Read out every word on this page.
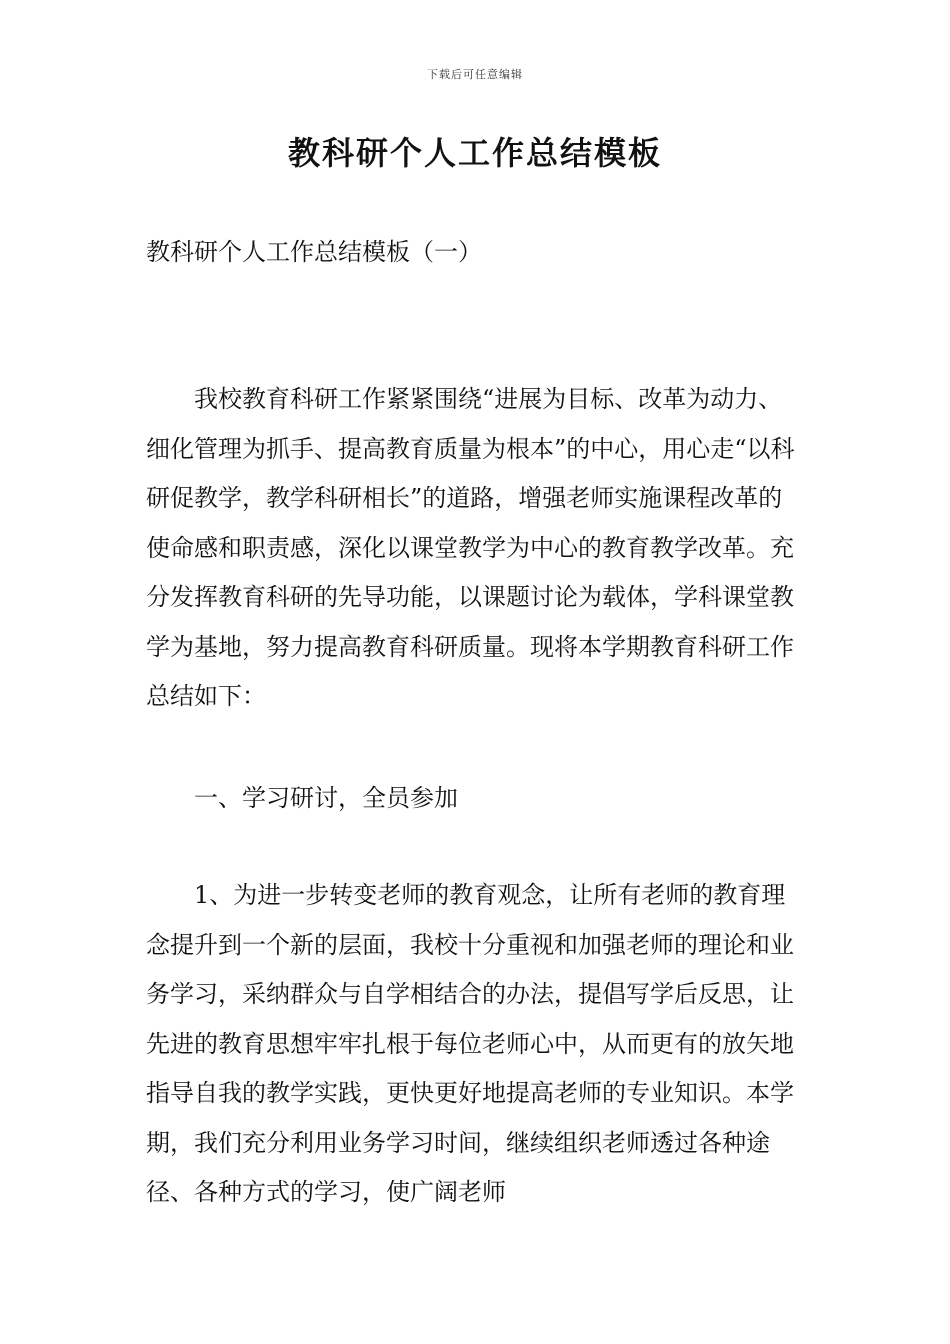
下载后可任意编辑
教科研个人工作总结模板

教科研个人工作总结模板（一）

我校教育科研工作紧紧围绕“进展为目标、改革为动力、细化管理为抓手、提高教育质量为根本”的中心，用心走“以科研促教学，教学科研相长”的道路，增强老师实施课程改革的使命感和职责感，深化以课堂教学为中心的教育教学改革。充分发挥教育科研的先导功能，以课题讨论为载体，学科课堂教学为基地，努力提高教育科研质量。现将本学期教育科研工作总结如下：

一、学习研讨，全员参加

1、为进一步转变老师的教育观念，让所有老师的教育理念提升到一个新的层面，我校十分重视和加强老师的理论和业务学习，采纳群众与自学相结合的办法，提倡写学后反思，让先进的教育思想牢牢扎根于每位老师心中，从而更有的放矢地指导自我的教学实践，更快更好地提高老师的专业知识。本学期，我们充分利用业务学习时间，继续组织老师透过各种途径、各种方式的学习，使广阔老师
